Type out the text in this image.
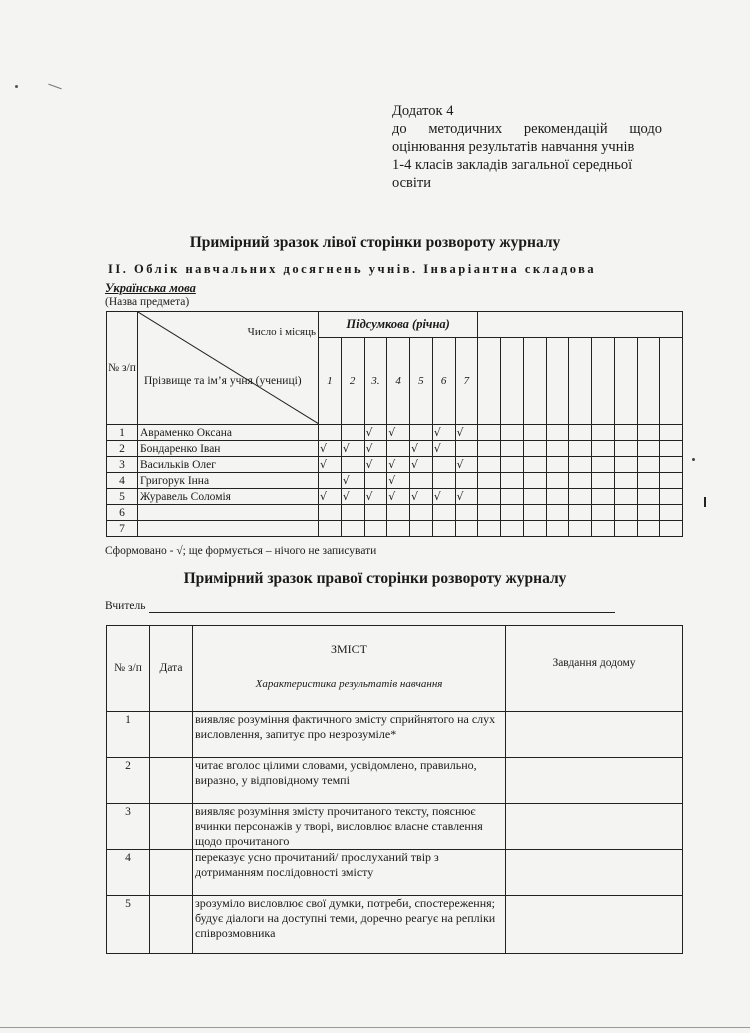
Додаток 4
до методичних рекомендацій щодо
оцінювання результатів навчання учнів
1-4 класів закладів загальної середньої
освіти
Примірний зразок лівої сторінки розвороту журналу
II. Облік навчальних досягнень учнів. Інваріантна складова
Українська мова
(Назва предмета)
№ з/п	Число і місяць
Прізвище та ім’я учня (учениці)	Підсумкова (річна)															
		1	2	3.	4	5	6	7									
1	Авраменко Оксана			√	√		√	√									
2	Бондаренко Іван	√	√	√		√	√										
3	Васильків Олег	√		√	√	√		√									
4	Григорук Інна		√		√												
5	Журавель Соломія	√	√	√	√	√	√	√									
6																	
7																	
Сформовано - √; ще формується – нічого не записувати
Примірний зразок правої сторінки розвороту журналу
Вчитель
№ з/п	Дата	ЗМІСТ
Характеристика результатів навчання	Завдання додому
1		виявляє розуміння фактичного змісту сприйнятого на слух висловлення, запитує про незрозуміле*	
2		читає вголос цілими словами, усвідомлено, правильно, виразно, у відповідному темпі	
3		виявляє розуміння змісту прочитаного тексту, пояснює вчинки персонажів у творі, висловлює власне ставлення щодо прочитаного	
4		переказує усно прочитаний/ прослуханий твір з дотриманням послідовності змісту	
5		зрозуміло висловлює свої думки, потреби, спостереження; будує діалоги на доступні теми, доречно реагує на репліки співрозмовника	
